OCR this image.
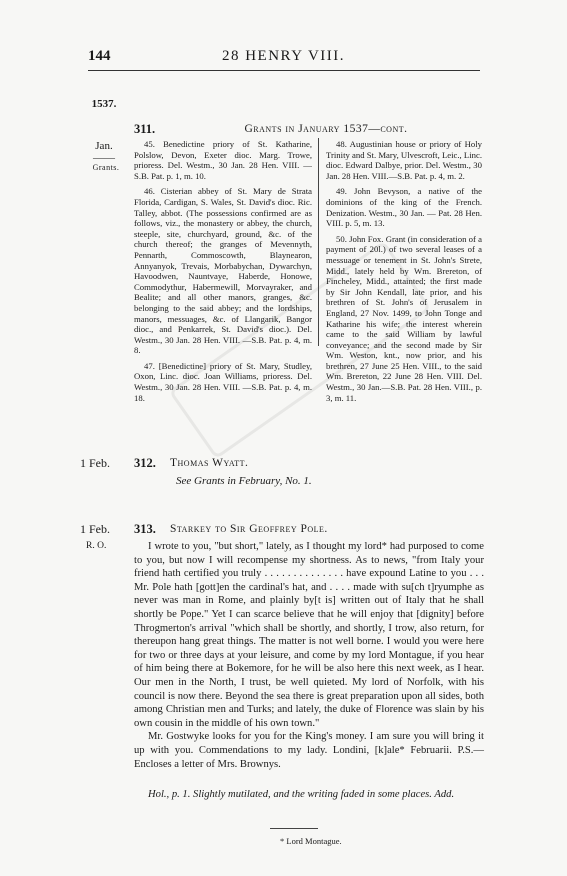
144	28 HENRY VIII.
1537.
Jan.
——
Grants.
311.	Grants in January 1537—cont.

45. Benedictine priory of St. Katharine, Polslow, Devon, Exeter dioc. Marg. Trowe, prioress. Del. Westm., 30 Jan. 28 Hen. VIII. —S.B. Pat. p. 1, m. 10.

46. Cisterian abbey of St. Mary de Strata Florida, Cardigan, S. Wales, St. David's dioc. Ric. Talley, abbot. (The possessions confirmed are as follows, viz., the monastery or abbey, the church, steeple, site, churchyard, ground, &c. of the church thereof; the granges of Mevennyth, Pennarth, Commoscowth, Blaynearon, Annyanyok, Trevais, Morbabychan, Dywarchyn, Havoodwen, Nauntvaye, Haberde, Honowe, Commodythur, Habermewill, Morvayraker, and Bealite; and all other manors, granges, &c. belonging to the said abbey; and the lordships, manors, messuages, &c. of Llangarik, Bangor dioc., and Penkarrek, St. David's dioc.). Del. Westm., 30 Jan. 28 Hen. VIII. —S.B. Pat. p. 4, m. 8.

47. [Benedictine] priory of St. Mary, Studley, Oxon, Linc. dioc. Joan Williams, prioress. Del. Westm., 30 Jan. 28 Hen. VIII. —S.B. Pat. p. 4, m. 18.

48. Augustinian house or priory of Holy Trinity and St. Mary, Ulvescroft, Leic., Linc. dioc. Edward Dalbye, prior. Del. Westm., 30 Jan. 28 Hen. VIII.—S.B. Pat. p. 4, m. 2.

49. John Bevyson, a native of the dominions of the king of the French. Denization. Westm., 30 Jan. — Pat. 28 Hen. VIII. p. 5, m. 13.

50. John Fox. Grant (in consideration of a payment of 20l.) of two several leases of a messuage or tenement in St. John's Strete, Midd., lately held by Wm. Brereton, of Fincheley, Midd., attainted; the first made by Sir John Kendall, late prior, and his brethren of St. John's of Jerusalem in England, 27 Nov. 1499, to John Tonge and Katharine his wife; the interest wherein came to the said William by lawful conveyance; and the second made by Sir Wm. Weston, knt., now prior, and his brethren, 27 June 25 Hen. VIII., to the said Wm. Brereton, 22 June 28 Hen. VIII. Del. Westm., 30 Jan.—S.B. Pat. 28 Hen. VIII., p. 3, m. 11.

1 Feb. 312. Thomas Wyatt.
See Grants in February, No. 1.
1 Feb.
R. O.
313. Starkey to Sir Geoffrey Pole.

I wrote to you, "but short," lately, as I thought my lord* had purposed to come to you, but now I will recompense my shortness. As to news, "from Italy your friend hath certified you truly . . . . . . . . . . . . . . have expound Latine to you . . . Mr. Pole hath [gott]en the cardinal's hat, and . . . . made with su[ch t]ryumphe as never was man in Rome, and plainly by[t is] written out of Italy that he shall shortly be Pope." Yet I can scarce believe that he will enjoy that [dignity] before Throgmerton's arrival "which shall be shortly, and shortly, I trow, also return, for thereupon hang great things. The matter is not well borne. I would you were here for two or three days at your leisure, and come by my lord Montague, if you hear of him being there at Bokemore, for he will be also here this next week, as I hear. Our men in the North, I trust, be well quieted. My lord of Norfolk, with his council is now there. Beyond the sea there is great preparation upon all sides, both among Christian men and Turks; and lately, the duke of Florence was slain by his own cousin in the middle of his own town."

Mr. Gostwyke looks for you for the King's money. I am sure you will bring it up with you. Commendations to my lady. Londini, [k]ale* Februarii. P.S.—Encloses a letter of Mrs. Brownys.

Hol., p. 1. Slightly mutilated, and the writing faded in some places. Add.
* Lord Montague.
